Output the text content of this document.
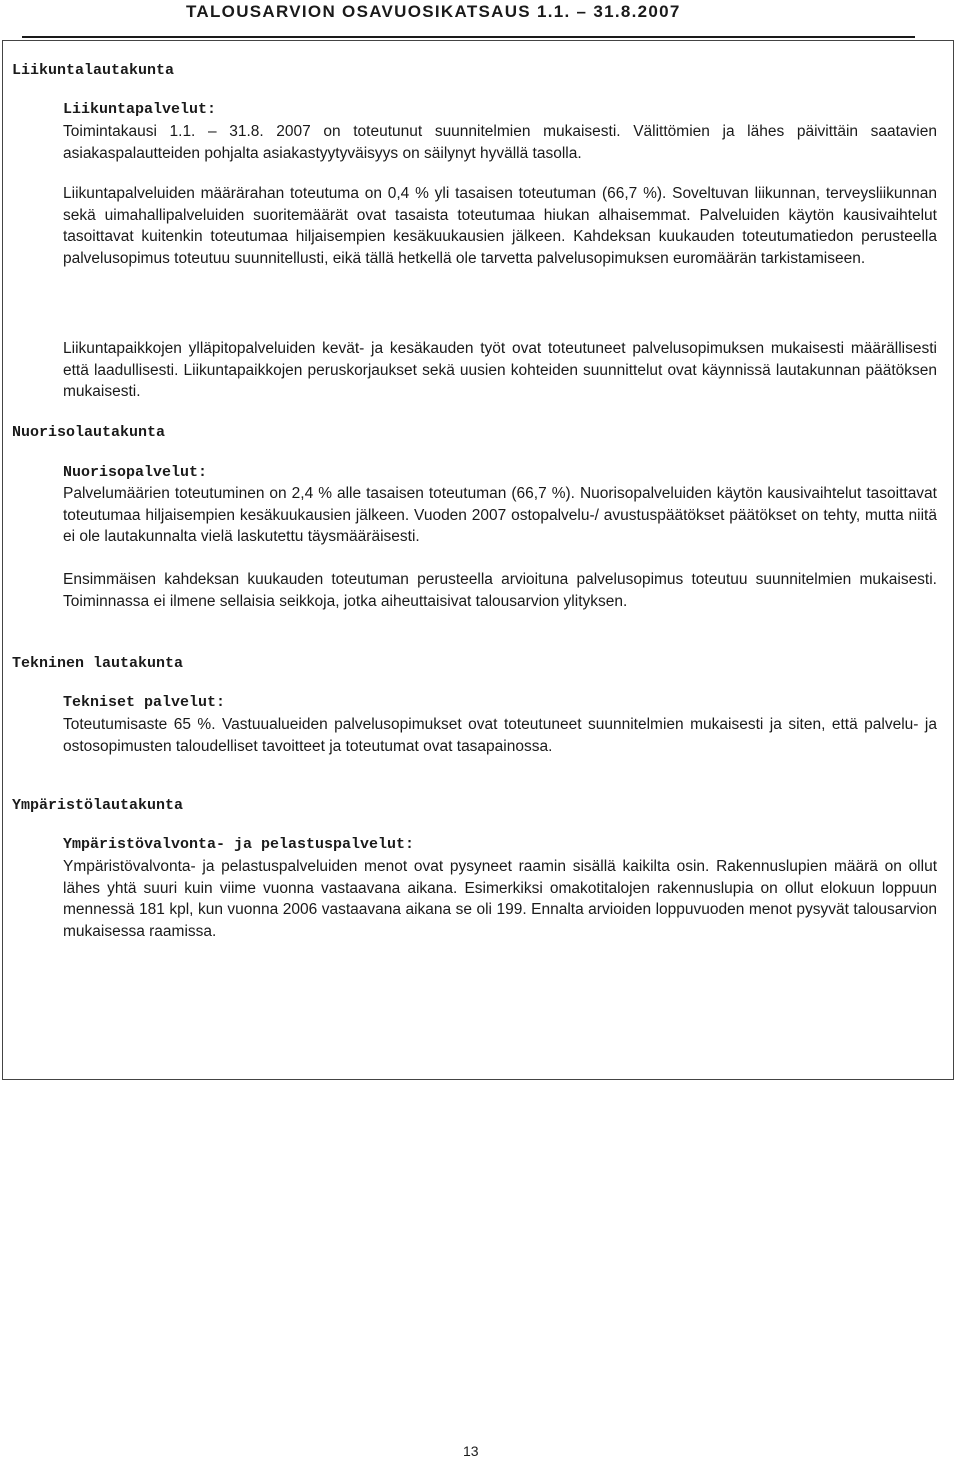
TALOUSARVION OSAVUOSIKATSAUS 1.1. – 31.8.2007
Liikuntalautakunta
Liikuntapalvelut:

Toimintakausi 1.1. – 31.8. 2007 on toteutunut suunnitelmien mukaisesti. Välittömien ja lähes päivittäin saatavien asiakaspalautteiden pohjalta asiakastyytyväisyys on säilynyt hyvällä tasolla.

Liikuntapalveluiden määrärahan toteutuma on 0,4 % yli tasaisen toteutuman (66,7 %). Soveltuvan liikunnan, terveysliikunnan sekä uimahallipalveluiden suoritemäärät ovat tasaista toteutumaa hiukan alhaisemmat. Palveluiden käytön kausivaihtelut tasoittavat kuitenkin toteutumaa hiljaisempien kesäkuukausien jälkeen. Kahdeksan kuukauden toteutumatiedon perusteella palvelusopimus toteutuu suunnitellusti, eikä tällä hetkellä ole tarvetta palvelusopimuksen euromäärän tarkistamiseen.

Liikuntapaikkojen ylläpitopalveluiden kevät- ja kesäkauden työt ovat toteutuneet palvelusopimuksen mukaisesti määrällisesti että laadullisesti. Liikuntapaikkojen peruskorjaukset sekä uusien kohteiden suunnittelut ovat käynnissä lautakunnan päätöksen mukaisesti.

Nuorisolautakunta
Nuorisopalvelut:

Palvelumäärien toteutuminen on 2,4 % alle tasaisen toteutuman (66,7 %). Nuorisopalveluiden käytön kausivaihtelut tasoittavat toteutumaa hiljaisempien kesäkuukausien jälkeen. Vuoden 2007 ostopalvelu-/ avustuspäätökset päätökset on tehty, mutta niitä ei ole lautakunnalta vielä laskutettu täysmääräisesti.

Ensimmäisen kahdeksan kuukauden toteutuman perusteella arvioituna palvelusopimus toteutuu suunnitelmien mukaisesti. Toiminnassa ei ilmene sellaisia seikkoja, jotka aiheuttaisivat talousarvion ylityksen.

Tekninen lautakunta
Tekniset palvelut:

Toteutumisaste 65 %. Vastuualueiden palvelusopimukset ovat toteutuneet suunnitelmien mukaisesti ja siten, että palvelu- ja ostosopimusten taloudelliset tavoitteet ja toteutumat ovat tasapainossa.

Ympäristölautakunta
Ympäristövalvonta- ja pelastuspalvelut:

Ympäristövalvonta- ja pelastuspalveluiden menot ovat pysyneet raamin sisällä kaikilta osin. Rakennuslupien määrä on ollut lähes yhtä suuri kuin viime vuonna vastaavana aikana. Esimerkiksi omakotitalojen rakennuslupia on ollut elokuun loppuun mennessä 181 kpl, kun vuonna 2006 vastaavana aikana se oli 199. Ennalta arvioiden loppuvuoden menot pysyvät talousarvion mukaisessa raamissa.

13
